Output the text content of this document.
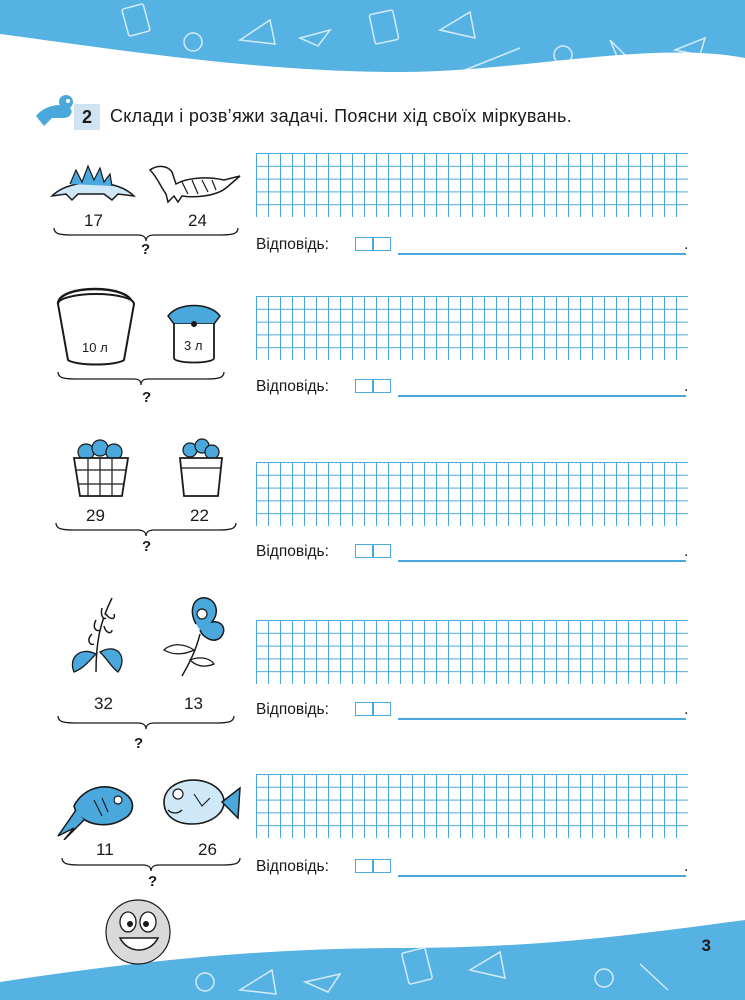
2	Склади і розв’яжи задачі. Поясни хід своїх міркувань.
17	24
?	Відповідь:	.
10 л	3 л
?
Відповідь:	.
29	22
?	Відповідь:	.
32	13
?
Відповідь:	.
11	26
?
Відповідь:	.
3
